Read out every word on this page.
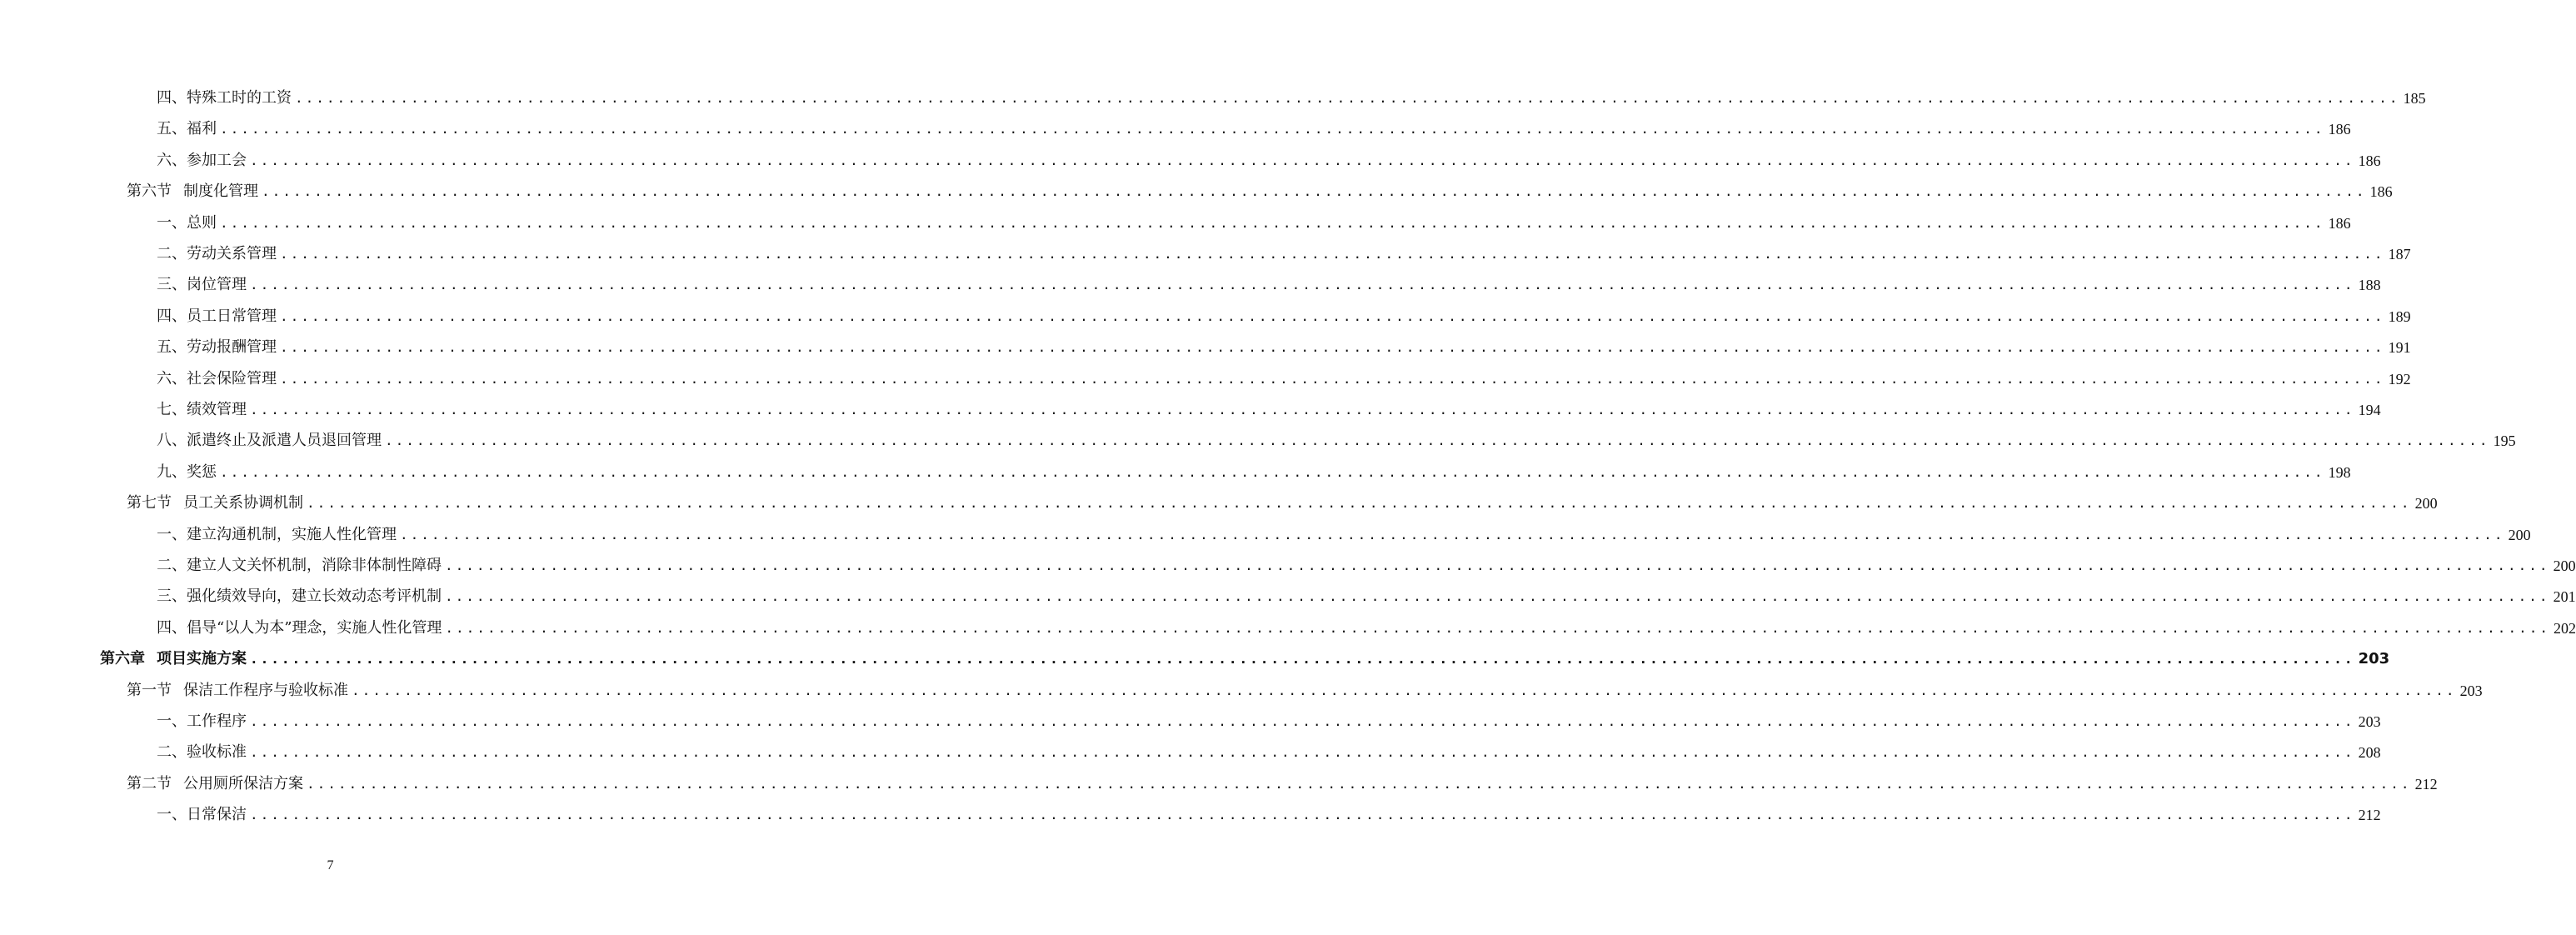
四、特殊工时的工资 ........................................................................................................................................................................................................ 185
五、福利 ........................................................................................................................................................................................................ 186
六、参加工会 ........................................................................................................................................................................................................ 186
第六节 制度化管理 ........................................................................................................................................................................................................ 186
一、总则 ........................................................................................................................................................................................................ 186
二、劳动关系管理 ........................................................................................................................................................................................................ 187
三、岗位管理 ........................................................................................................................................................................................................ 188
四、员工日常管理 ........................................................................................................................................................................................................ 189
五、劳动报酬管理 ........................................................................................................................................................................................................ 191
六、社会保险管理 ........................................................................................................................................................................................................ 192
七、绩效管理 ........................................................................................................................................................................................................ 194
八、派遣终止及派遣人员退回管理 ........................................................................................................................................................................................................ 195
九、奖惩 ........................................................................................................................................................................................................ 198
第七节 员工关系协调机制 ........................................................................................................................................................................................................ 200
一、建立沟通机制，实施人性化管理 ........................................................................................................................................................................................................ 200
二、建立人文关怀机制，消除非体制性障碍 ........................................................................................................................................................................................................ 200
三、强化绩效导向，建立长效动态考评机制 ........................................................................................................................................................................................................ 201
四、倡导“以人为本”理念，实施人性化管理 ........................................................................................................................................................................................................ 202
第六章 项目实施方案 ........................................................................................................................................................................................................ 203
第一节 保洁工作程序与验收标准 ........................................................................................................................................................................................................ 203
一、工作程序 ........................................................................................................................................................................................................ 203
二、验收标准 ........................................................................................................................................................................................................ 208
第二节 公用厕所保洁方案 ........................................................................................................................................................................................................ 212
一、日常保洁 ........................................................................................................................................................................................................ 212
7
